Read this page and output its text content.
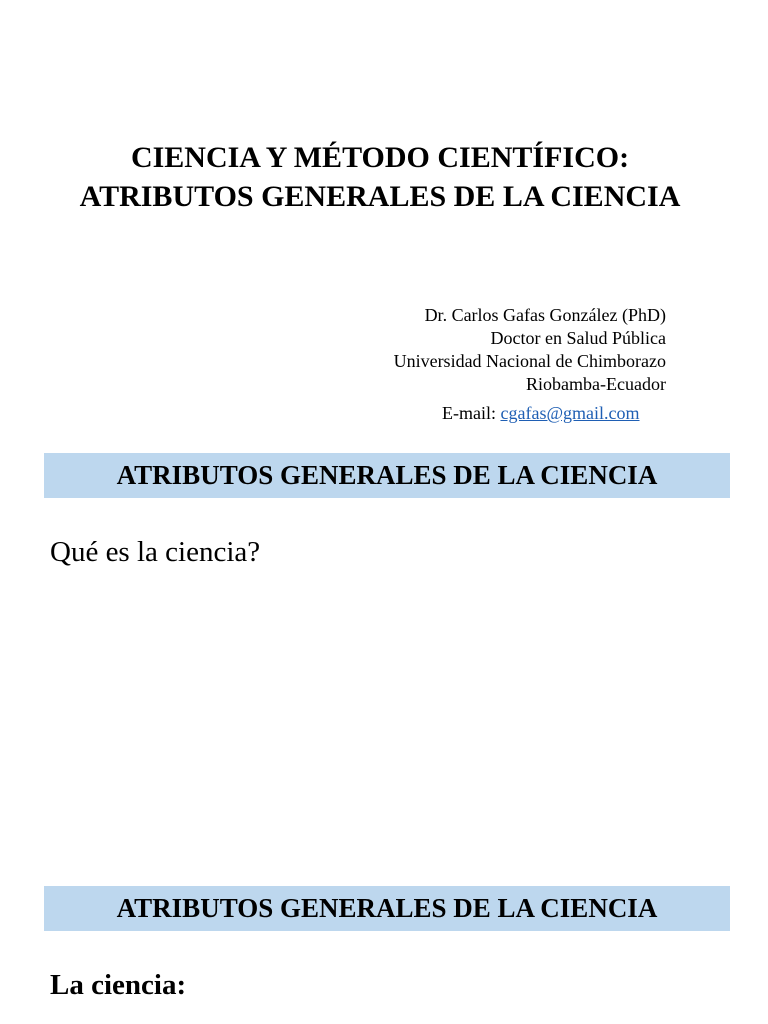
CIENCIA Y MÉTODO CIENTÍFICO:
ATRIBUTOS GENERALES DE LA CIENCIA
Dr. Carlos Gafas González (PhD)
Doctor en Salud Pública
Universidad Nacional de Chimborazo
Riobamba-Ecuador
E-mail: cgafas@gmail.com
ATRIBUTOS GENERALES DE LA CIENCIA
Qué es la ciencia?
ATRIBUTOS GENERALES DE LA CIENCIA
La ciencia:
